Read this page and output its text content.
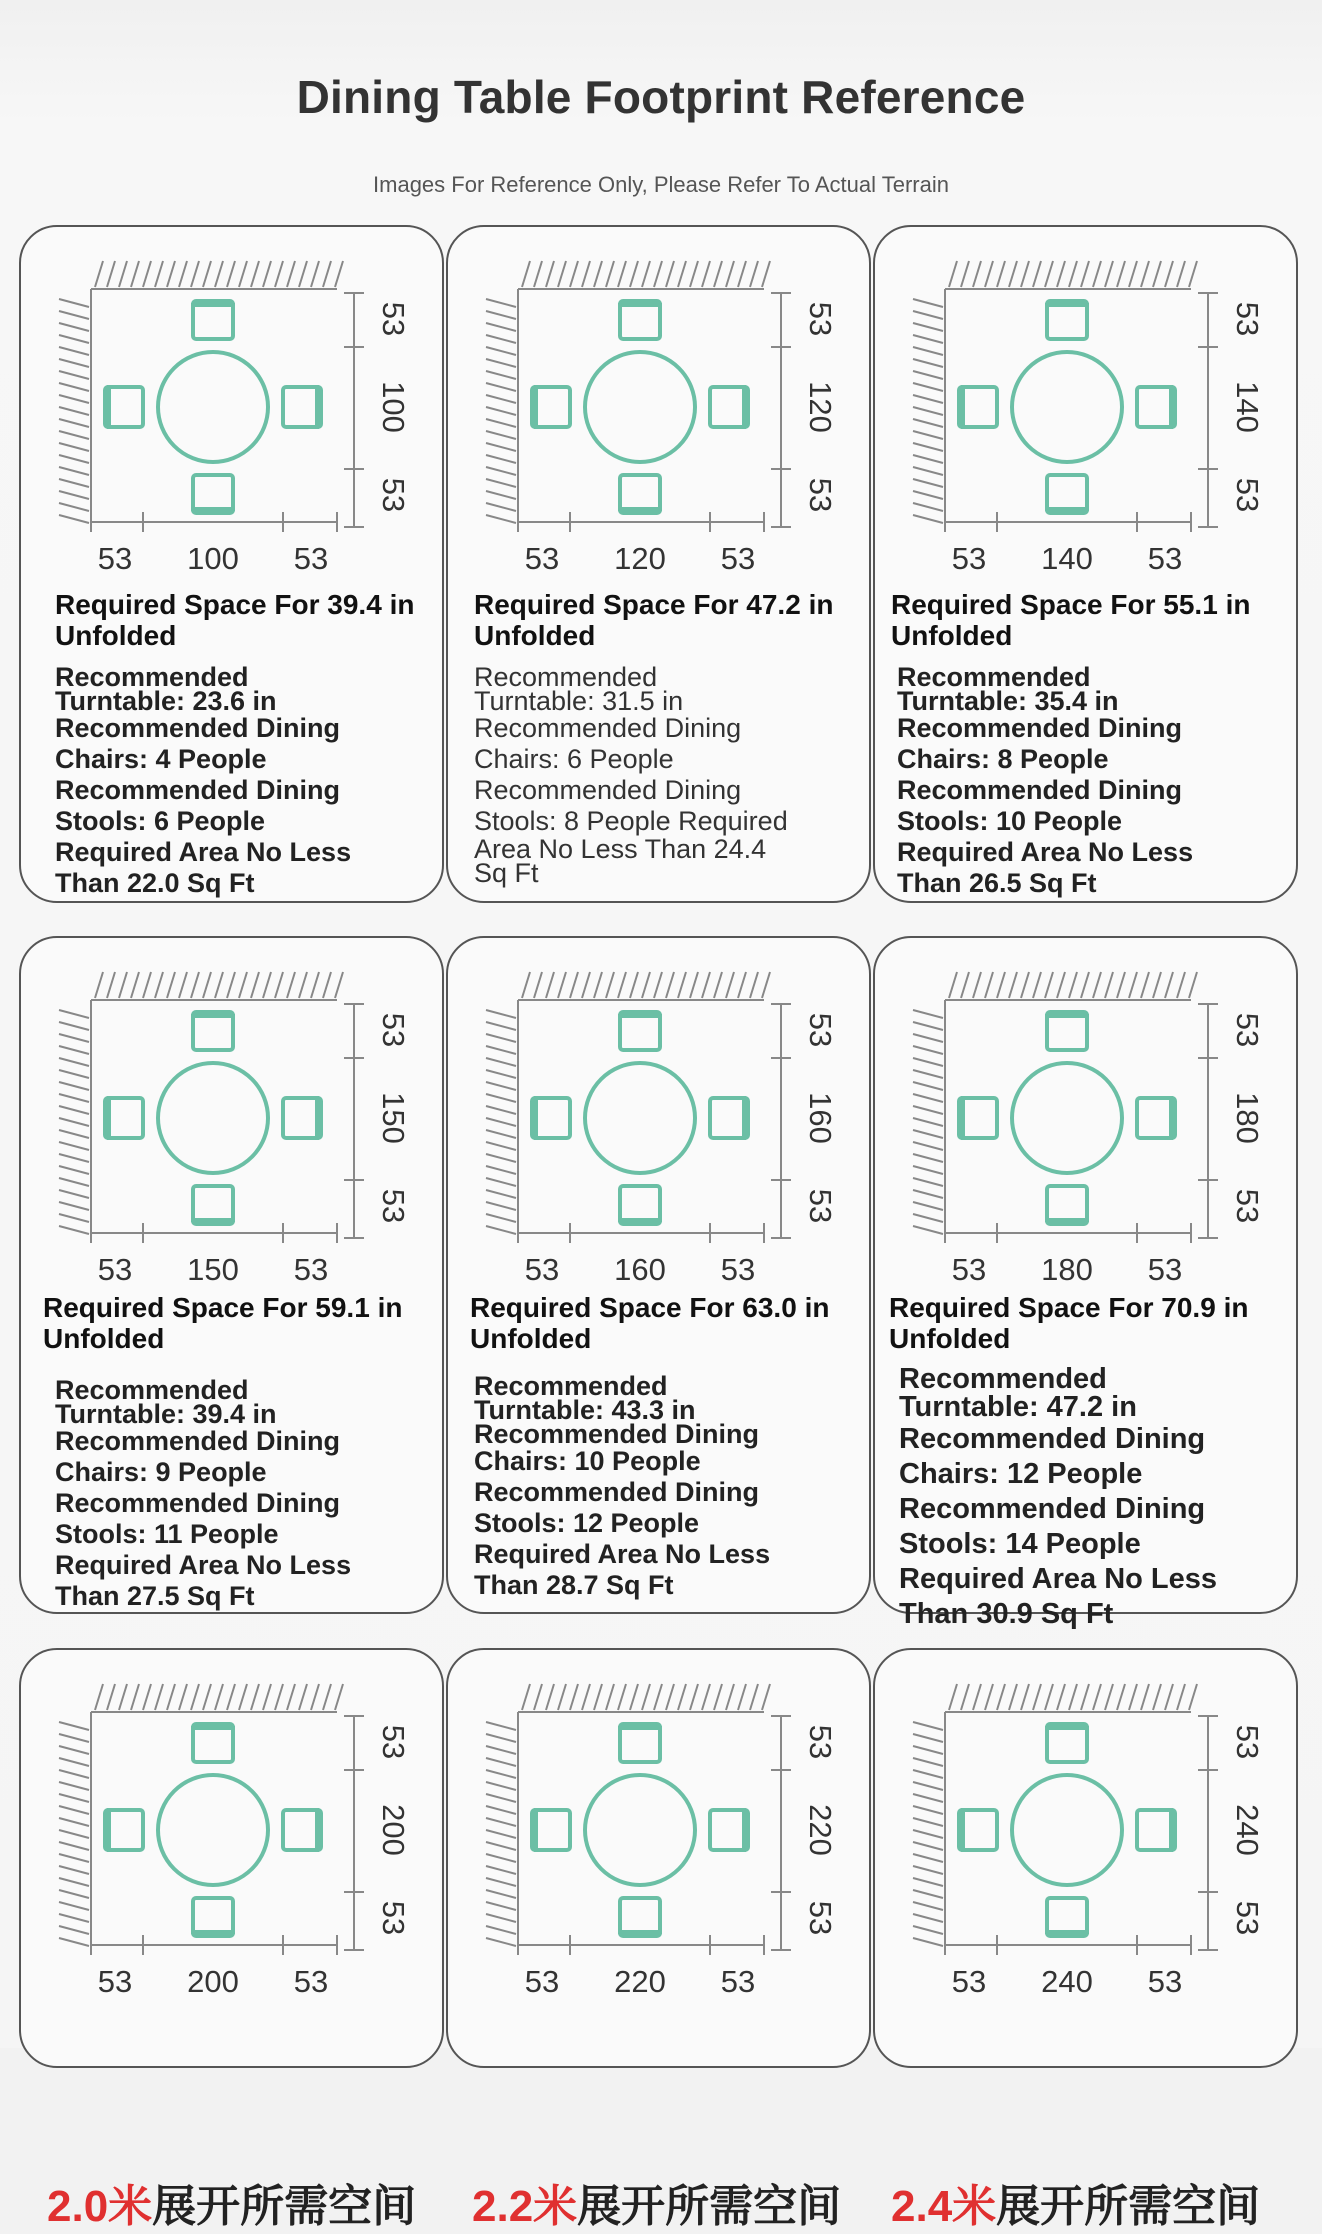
Dining Table Footprint Reference
Images For Reference Only, Please Refer To Actual Terrain
53 100 53
53
100
53
Required Space For 39.4 in Unfolded
Recommended
Turntable: 23.6 in
Recommended Dining
Chairs: 4 People
Recommended Dining
Stools: 6 People
Required Area No Less
Than 22.0 Sq Ft
53 120 53
53
120
53
Required Space For 47.2 in Unfolded
Recommended
Turntable: 31.5 in
Recommended Dining
Chairs: 6 People
Recommended Dining
Stools: 8 People Required
Area No Less Than 24.4
Sq Ft
53 140 53
53
140
53
Required Space For 55.1 in Unfolded
Recommended
Turntable: 35.4 in
Recommended Dining
Chairs: 8 People
Recommended Dining
Stools: 10 People
Required Area No Less
Than 26.5 Sq Ft
53 150 53
53
150
53
Required Space For 59.1 in Unfolded
Recommended
Turntable: 39.4 in
Recommended Dining
Chairs: 9 People
Recommended Dining
Stools: 11 People
Required Area No Less
Than 27.5 Sq Ft
53 160 53
53
160
53
Required Space For 63.0 in Unfolded
Recommended
Turntable: 43.3 in
Recommended Dining
Chairs: 10 People
Recommended Dining
Stools: 12 People
Required Area No Less
Than 28.7 Sq Ft
53 180 53
53
180
53
Required Space For 70.9 in Unfolded
Recommended
Turntable: 47.2 in
Recommended Dining
Chairs: 12 People
Recommended Dining
Stools: 14 People
Required Area No Less
Than 30.9 Sq Ft
53 200 53
53
200
53
2.0米展开所需空间
53 220 53
53
220
53
2.2米展开所需空间
53 240 53
53
240
53
2.4米展开所需空间
